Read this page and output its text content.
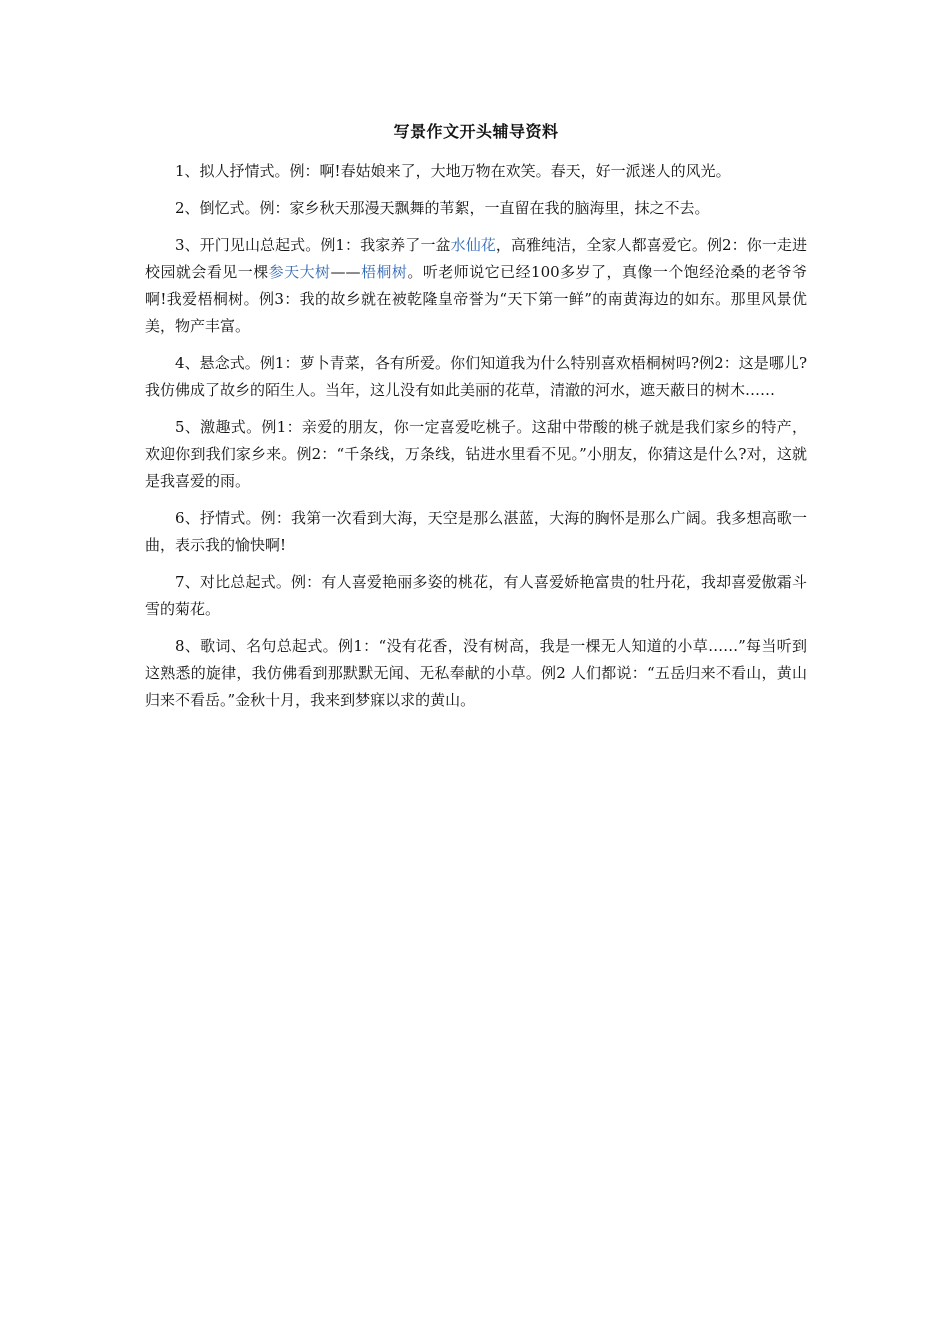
写景作文开头辅导资料

1、拟人抒情式。例：啊!春姑娘来了，大地万物在欢笑。春天，好一派迷人的风光。

2、倒忆式。例：家乡秋天那漫天飘舞的苇絮，一直留在我的脑海里，抹之不去。

3、开门见山总起式。例1：我家养了一盆水仙花，高雅纯洁，全家人都喜爱它。例2：你一走进校园就会看见一棵参天大树——梧桐树。听老师说它已经100多岁了，真像一个饱经沧桑的老爷爷啊!我爱梧桐树。例3：我的故乡就在被乾隆皇帝誉为“天下第一鲜”的南黄海边的如东。那里风景优美，物产丰富。

4、悬念式。例1：萝卜青菜，各有所爱。你们知道我为什么特别喜欢梧桐树吗?例2：这是哪儿?我仿佛成了故乡的陌生人。当年，这儿没有如此美丽的花草，清澈的河水，遮天蔽日的树木……

5、激趣式。例1：亲爱的朋友，你一定喜爱吃桃子。这甜中带酸的桃子就是我们家乡的特产，欢迎你到我们家乡来。例2：“千条线，万条线，钻进水里看不见。”小朋友，你猜这是什么?对，这就是我喜爱的雨。

6、抒情式。例：我第一次看到大海，天空是那么湛蓝，大海的胸怀是那么广阔。我多想高歌一曲，表示我的愉快啊!

7、对比总起式。例：有人喜爱艳丽多姿的桃花，有人喜爱娇艳富贵的牡丹花，我却喜爱傲霜斗雪的菊花。

8、歌词、名句总起式。例1：“没有花香，没有树高，我是一棵无人知道的小草……”每当听到这熟悉的旋律，我仿佛看到那默默无闻、无私奉献的小草。例2 人们都说：“五岳归来不看山，黄山归来不看岳。”金秋十月，我来到梦寐以求的黄山。
